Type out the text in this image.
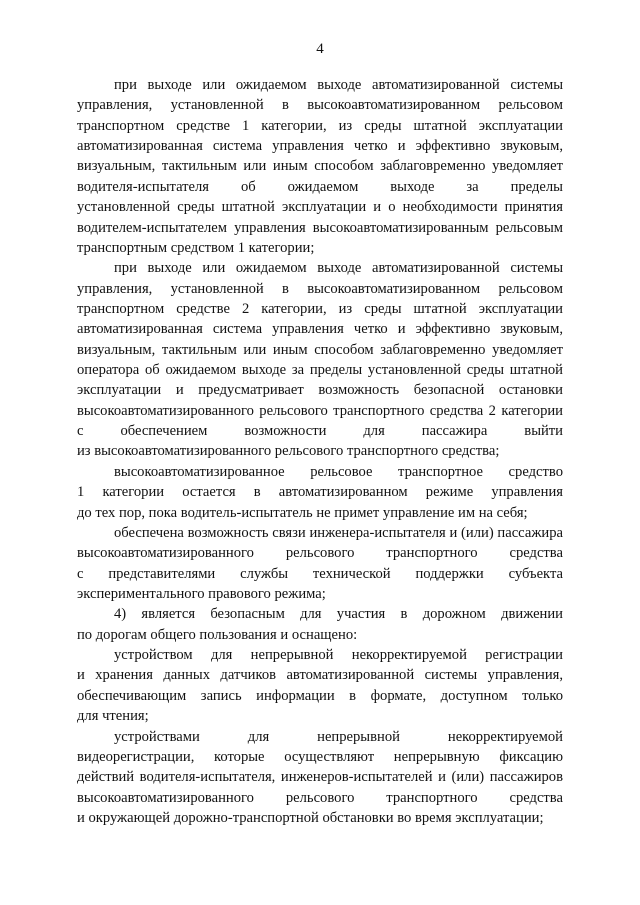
4
при выходе или ожидаемом выходе автоматизированной системы
управления, установленной в высокоавтоматизированном рельсовом
транспортном средстве 1 категории, из среды штатной эксплуатации
автоматизированная система управления четко и эффективно звуковым,
визуальным, тактильным или иным способом заблаговременно уведомляет
водителя-испытателя об ожидаемом выходе за пределы
установленной среды штатной эксплуатации и о необходимости принятия
водителем-испытателем управления высокоавтоматизированным рельсовым
транспортным средством 1 категории;
при выходе или ожидаемом выходе автоматизированной системы
управления, установленной в высокоавтоматизированном рельсовом
транспортном средстве 2 категории, из среды штатной эксплуатации
автоматизированная система управления четко и эффективно звуковым,
визуальным, тактильным или иным способом заблаговременно уведомляет
оператора об ожидаемом выходе за пределы установленной среды штатной
эксплуатации и предусматривает возможность безопасной остановки
высокоавтоматизированного рельсового транспортного средства 2 категории
с обеспечением возможности для пассажира выйти
из высокоавтоматизированного рельсового транспортного средства;
высокоавтоматизированное рельсовое транспортное средство
1 категории остается в автоматизированном режиме управления
до тех пор, пока водитель-испытатель не примет управление им на себя;
обеспечена возможность связи инженера-испытателя и (или) пассажира
высокоавтоматизированного рельсового транспортного средства
с представителями службы технической поддержки субъекта
экспериментального правового режима;
4) является безопасным для участия в дорожном движении
по дорогам общего пользования и оснащено:
устройством для непрерывной некорректируемой регистрации
и хранения данных датчиков автоматизированной системы управления,
обеспечивающим запись информации в формате, доступном только
для чтения;
устройствами для непрерывной некорректируемой
видеорегистрации, которые осуществляют непрерывную фиксацию
действий водителя-испытателя, инженеров-испытателей и (или) пассажиров
высокоавтоматизированного рельсового транспортного средства
и окружающей дорожно-транспортной обстановки во время эксплуатации;
